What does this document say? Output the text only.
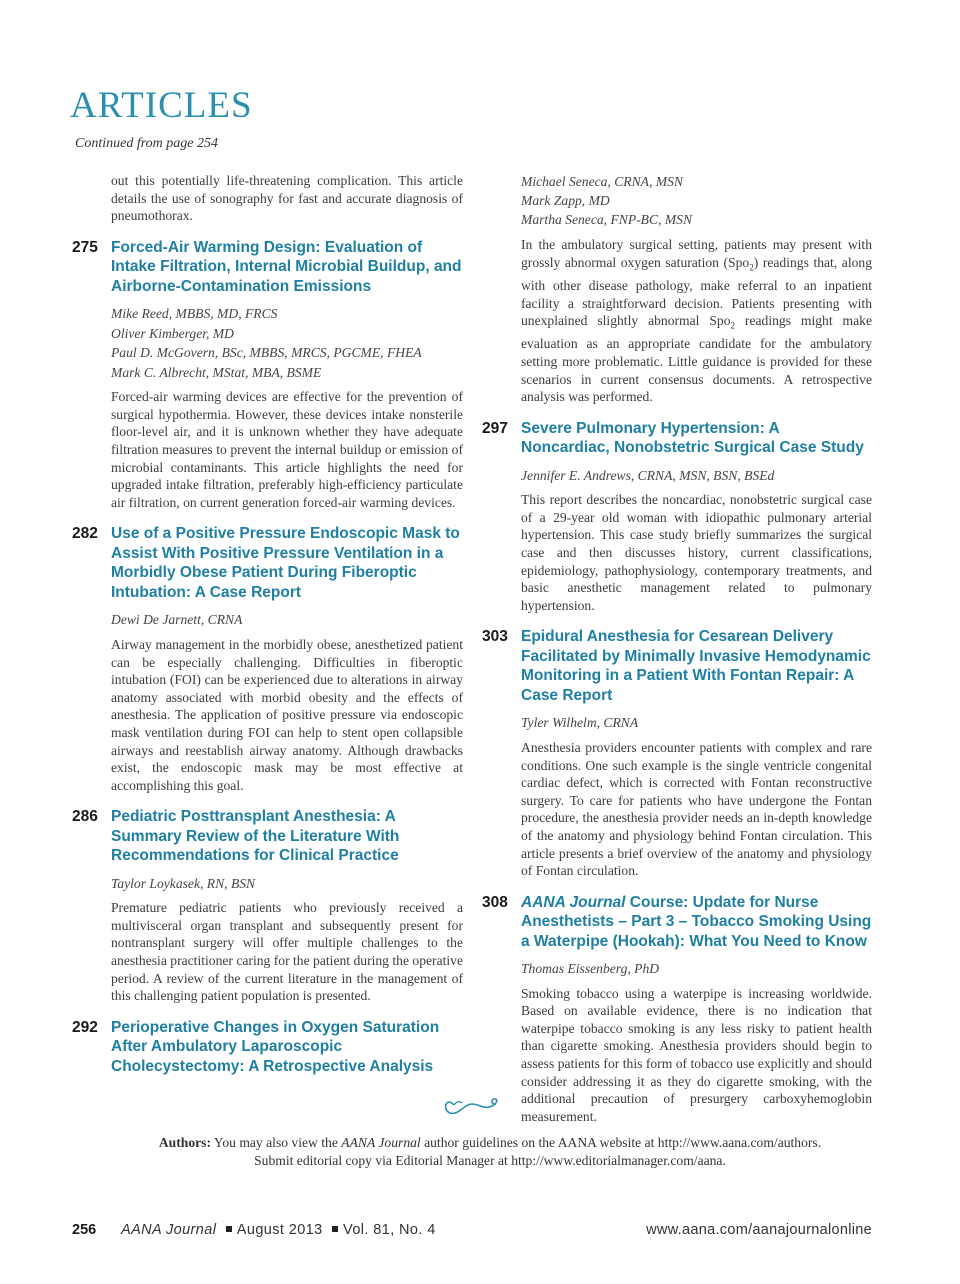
ARTICLES
Continued from page 254

out this potentially life-threatening complication. This article details the use of sonography for fast and accurate diagnosis of pneumothorax.

275 Forced-Air Warming Design: Evaluation of Intake Filtration, Internal Microbial Buildup, and Airborne-Contamination Emissions
Mike Reed, MBBS, MD, FRCS
Oliver Kimberger, MD
Paul D. McGovern, BSc, MBBS, MRCS, PGCME, FHEA
Mark C. Albrecht, MStat, MBA, BSME

Forced-air warming devices are effective for the prevention of surgical hypothermia. However, these devices intake nonsterile floor-level air, and it is unknown whether they have adequate filtration measures to prevent the internal buildup or emission of microbial contaminants. This article highlights the need for upgraded intake filtration, preferably high-efficiency particulate air filtration, on current generation forced-air warming devices.

282 Use of a Positive Pressure Endoscopic Mask to Assist With Positive Pressure Ventilation in a Morbidly Obese Patient During Fiberoptic Intubation: A Case Report
Dewi De Jarnett, CRNA

Airway management in the morbidly obese, anesthetized patient can be especially challenging. Difficulties in fiberoptic intubation (FOI) can be experienced due to alterations in airway anatomy associated with morbid obesity and the effects of anesthesia. The application of positive pressure via endoscopic mask ventilation during FOI can help to stent open collapsible airways and reestablish airway anatomy. Although drawbacks exist, the endoscopic mask may be most effective at accomplishing this goal.

286 Pediatric Posttransplant Anesthesia: A Summary Review of the Literature With Recommendations for Clinical Practice
Taylor Loykasek, RN, BSN

Premature pediatric patients who previously received a multivisceral organ transplant and subsequently present for nontransplant surgery will offer multiple challenges to the anesthesia practitioner caring for the patient during the operative period. A review of the current literature in the management of this challenging patient population is presented.

292 Perioperative Changes in Oxygen Saturation After Ambulatory Laparoscopic Cholecystectomy: A Retrospective Analysis
Michael Seneca, CRNA, MSN
Mark Zapp, MD
Martha Seneca, FNP-BC, MSN

In the ambulatory surgical setting, patients may present with grossly abnormal oxygen saturation (Spo$_2$) readings that, along with other disease pathology, make referral to an inpatient facility a straightforward decision. Patients presenting with unexplained slightly abnormal Spo$_2$ readings might make evaluation as an appropriate candidate for the ambulatory setting more problematic. Little guidance is provided for these scenarios in current consensus documents. A retrospective analysis was performed.

297 Severe Pulmonary Hypertension: A Noncardiac, Nonobstetric Surgical Case Study
Jennifer E. Andrews, CRNA, MSN, BSN, BSEd

This report describes the noncardiac, nonobstetric surgical case of a 29-year old woman with idiopathic pulmonary arterial hypertension. This case study briefly summarizes the surgical case and then discusses history, current classifications, epidemiology, pathophysiology, contemporary treatments, and basic anesthetic management related to pulmonary hypertension.

303 Epidural Anesthesia for Cesarean Delivery Facilitated by Minimally Invasive Hemodynamic Monitoring in a Patient With Fontan Repair: A Case Report
Tyler Wilhelm, CRNA

Anesthesia providers encounter patients with complex and rare conditions. One such example is the single ventricle congenital cardiac defect, which is corrected with Fontan reconstructive surgery. To care for patients who have undergone the Fontan procedure, the anesthesia provider needs an in-depth knowledge of the anatomy and physiology behind Fontan circulation. This article presents a brief overview of the anatomy and physiology of Fontan circulation.

308 AANA Journal Course: Update for Nurse Anesthetists – Part 3 – Tobacco Smoking Using a Waterpipe (Hookah): What You Need to Know
Thomas Eissenberg, PhD

Smoking tobacco using a waterpipe is increasing worldwide. Based on available evidence, there is no indication that waterpipe tobacco smoking is any less risky to patient health than cigarette smoking. Anesthesia providers should begin to assess patients for this form of tobacco use explicitly and should consider addressing it as they do cigarette smoking, with the additional precaution of presurgery carboxyhemoglobin measurement.

Authors: You may also view the AANA Journal author guidelines on the AANA website at http://www.aana.com/authors.
Submit editorial copy via Editorial Manager at http://www.editorialmanager.com/aana.
256 AANA Journal August 2013 Vol. 81, No. 4	www.aana.com/aanajournalonline
